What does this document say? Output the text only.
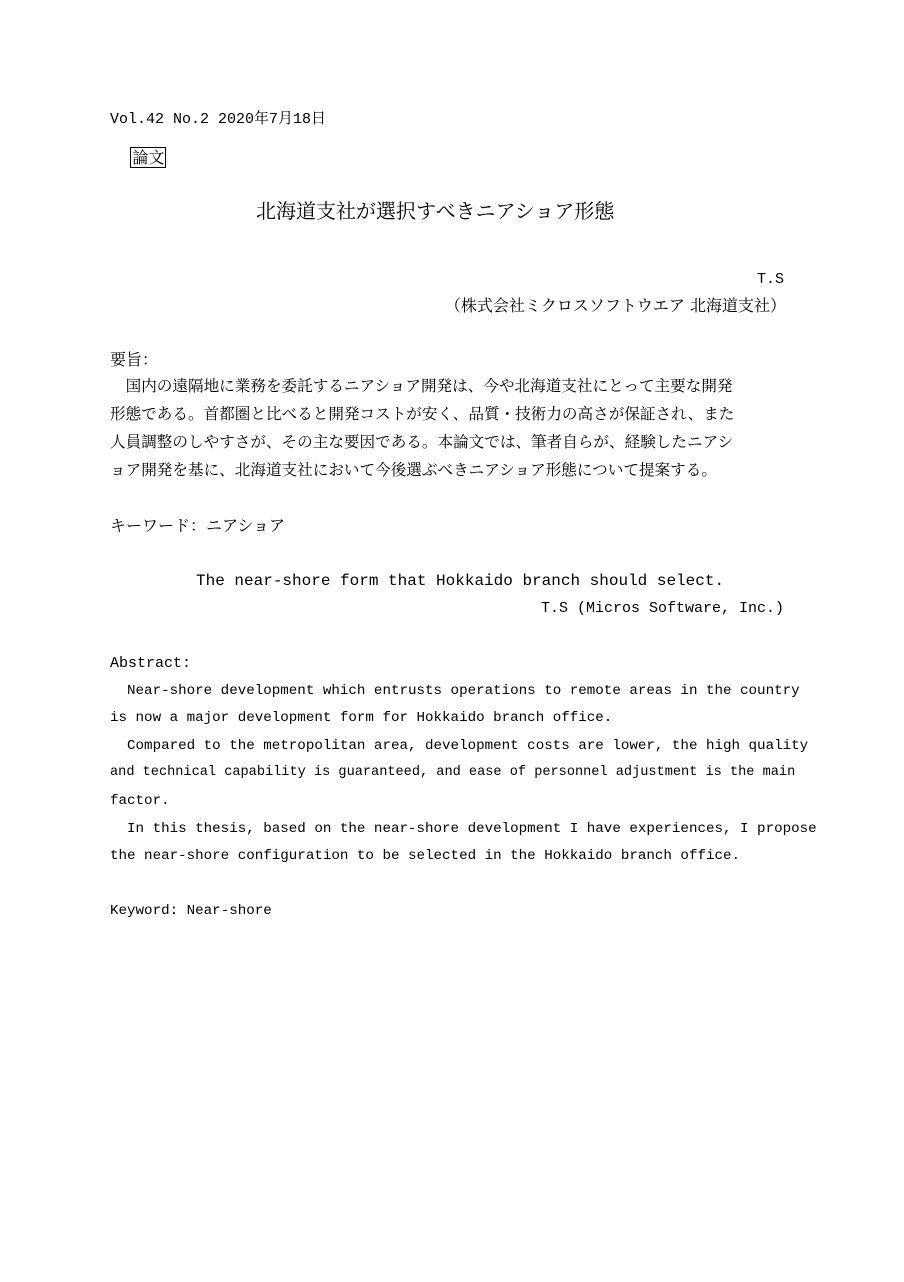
Vol.42 No.2 2020年7月18日

論文

北海道支社が選択すべきニアショア形態
T.S
（株式会社ミクロスソフトウエア 北海道支社）
要旨：
　国内の遠隔地に業務を委託するニアショア開発は、今や北海道支社にとって主要な開発
形態である。首都圏と比べると開発コストが安く、品質・技術力の高さが保証され、また
人員調整のしやすさが、その主な要因である。本論文では、筆者自らが、経験したニアシ
ョア開発を基に、北海道支社において今後選ぶべきニアショア形態について提案する。
キーワード：ニアショア
The near-shore form that Hokkaido branch should select.
T.S (Micros Software, Inc.)
Abstract:
Near-shore development which entrusts operations to remote areas in the country
is now a major development form for Hokkaido branch office.
Compared to the metropolitan area, development costs are lower, the high quality
and technical capability is guaranteed, and ease of personnel adjustment is the main
factor.
In this thesis, based on the near-shore development I have experiences, I propose
the near-shore configuration to be selected in the Hokkaido branch office.
Keyword: Near-shore
